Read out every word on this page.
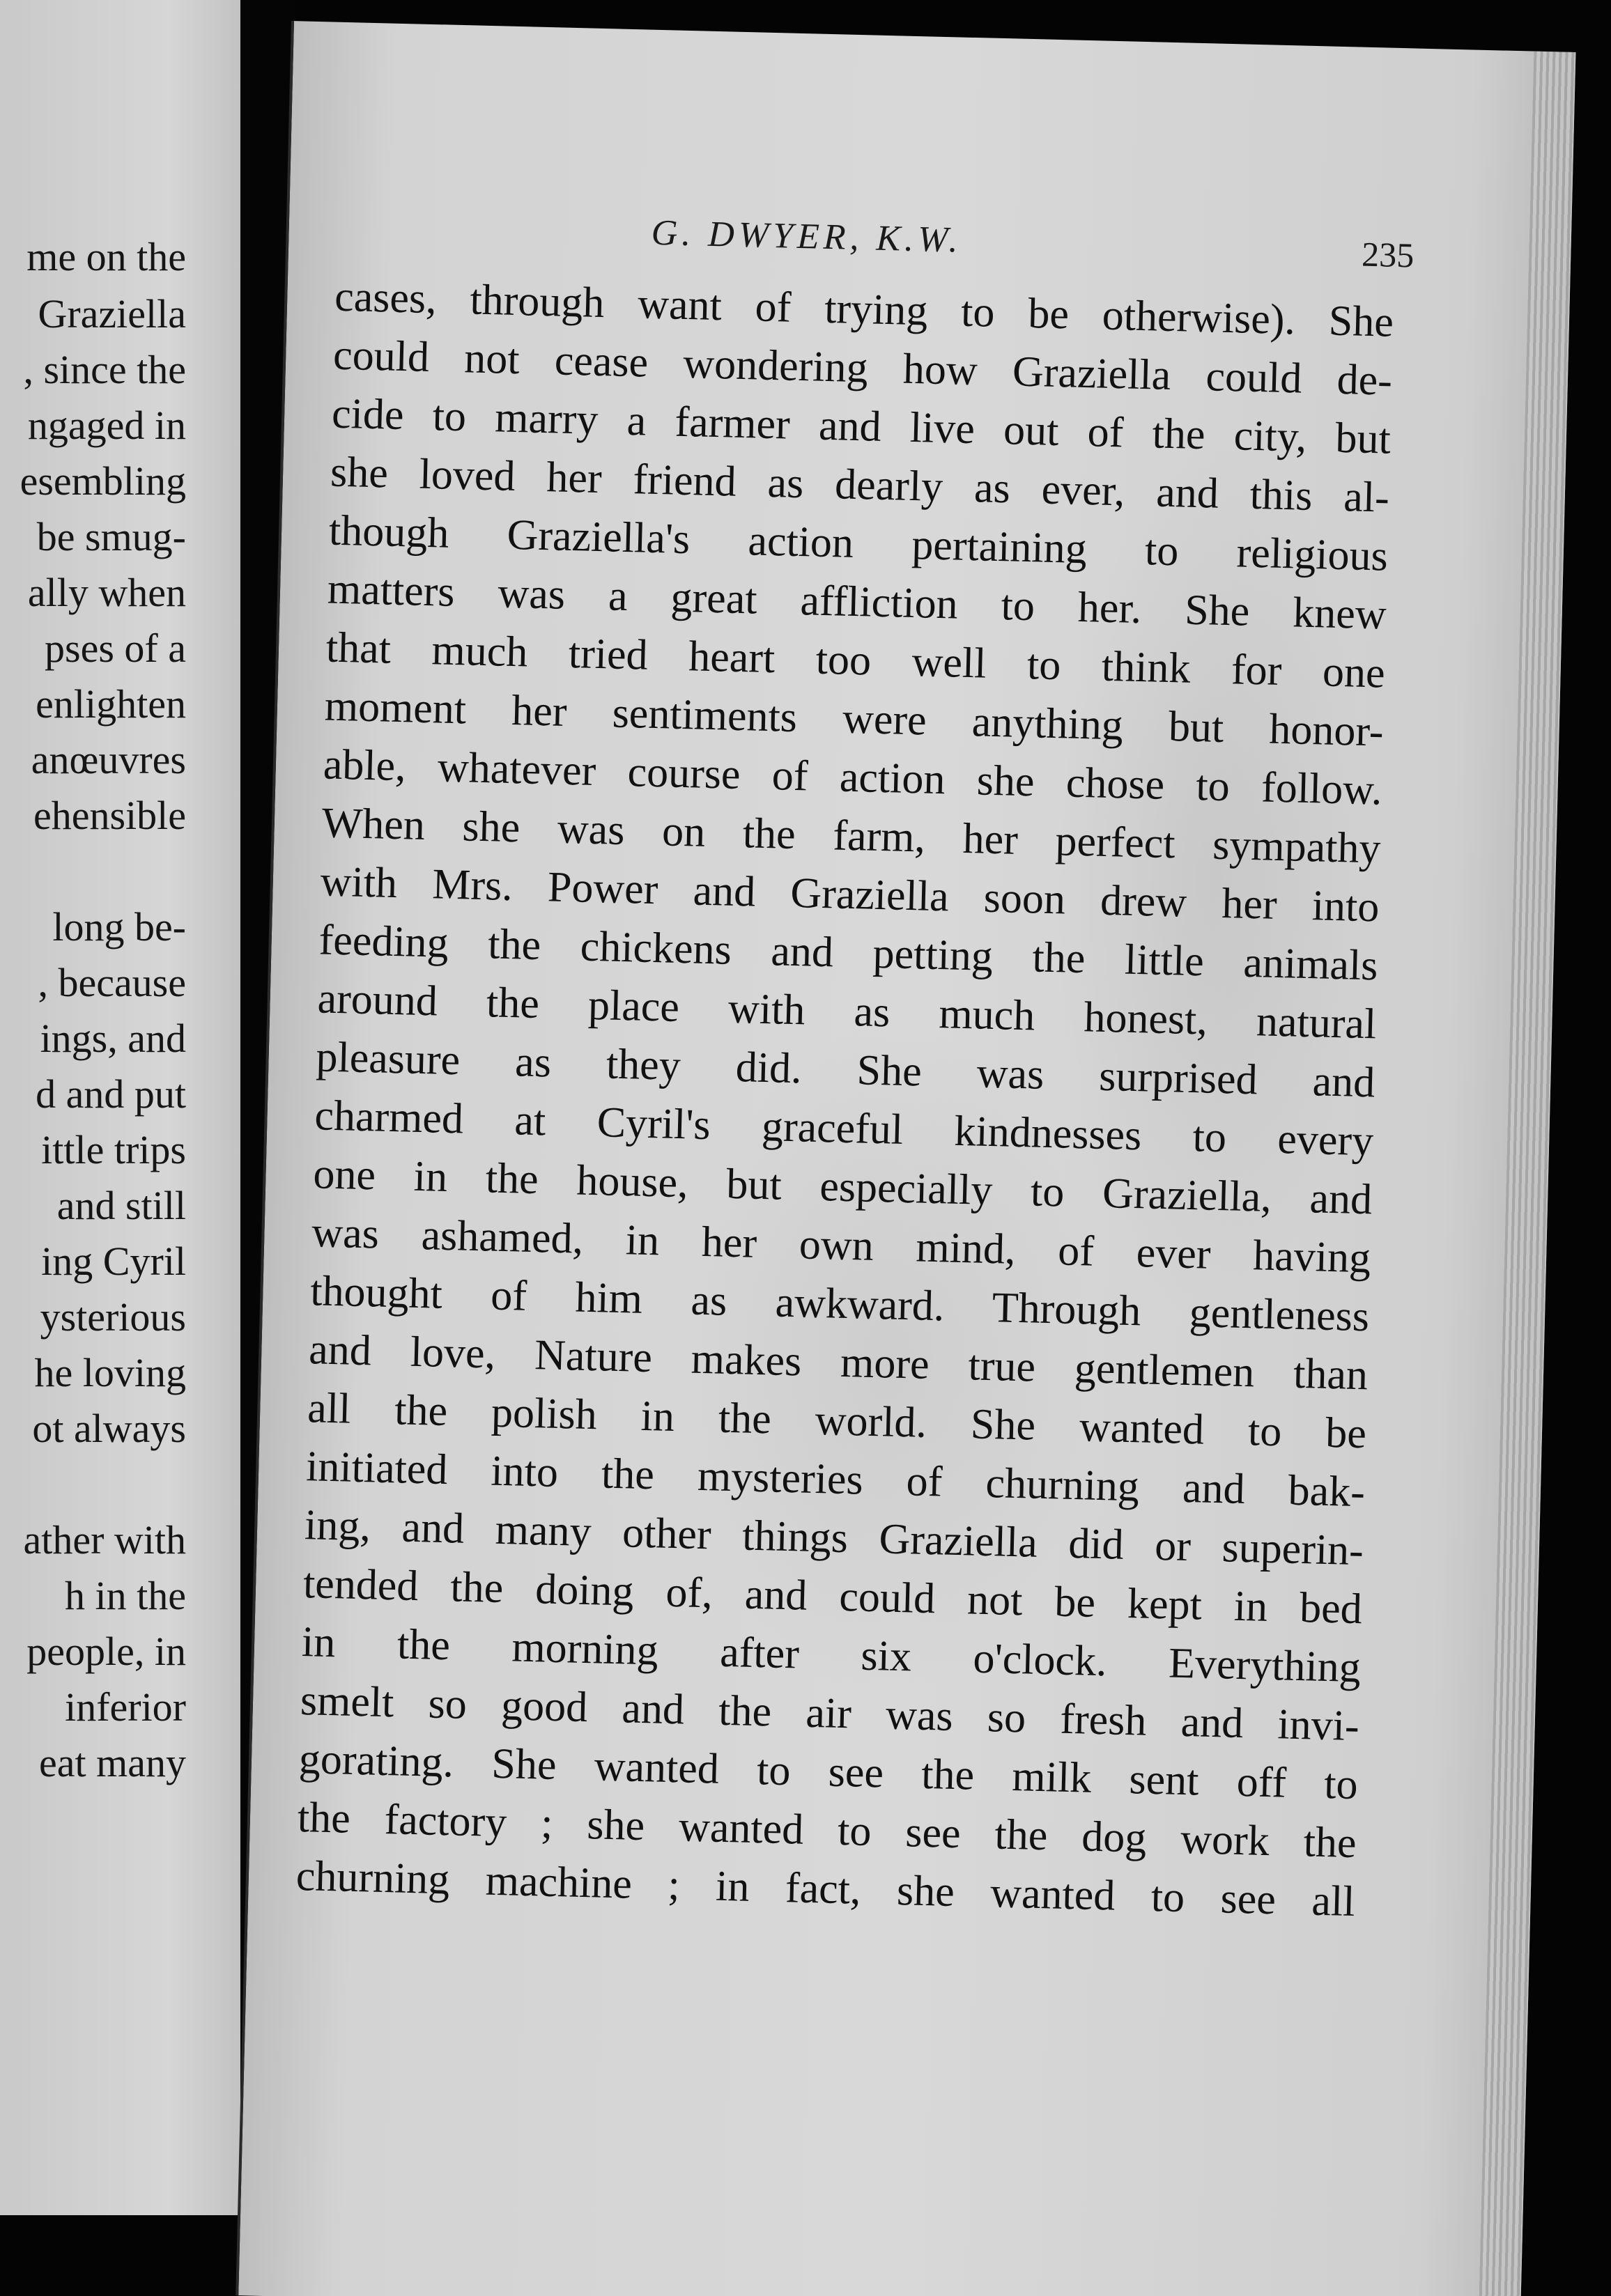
me on the
Graziella
, since the
ngaged in
esembling
be smug-
ally when
pses of a
enlighten
anœuvres
ehensible
long be-
, because
ings, and
d and put
ittle trips
and still
ing Cyril
ysterious
he loving
ot always
ather with
h in the
people, in
inferior
eat many
G. DWYER, K.W.	235
cases, through want of trying to be otherwise). She
could not cease wondering how Graziella could de-
cide to marry a farmer and live out of the city, but
she loved her friend as dearly as ever, and this al-
though Graziella's action pertaining to religious
matters was a great affliction to her. She knew
that much tried heart too well to think for one
moment her sentiments were anything but honor-
able, whatever course of action she chose to follow.
When she was on the farm, her perfect sympathy
with Mrs. Power and Graziella soon drew her into
feeding the chickens and petting the little animals
around the place with as much honest, natural
pleasure as they did. She was surprised and
charmed at Cyril's graceful kindnesses to every
one in the house, but especially to Graziella, and
was ashamed, in her own mind, of ever having
thought of him as awkward. Through gentleness
and love, Nature makes more true gentlemen than
all the polish in the world. She wanted to be
initiated into the mysteries of churning and bak-
ing, and many other things Graziella did or superin-
tended the doing of, and could not be kept in bed
in the morning after six o'clock. Everything
smelt so good and the air was so fresh and invi-
gorating. She wanted to see the milk sent off to
the factory ; she wanted to see the dog work the
churning machine ; in fact, she wanted to see all
